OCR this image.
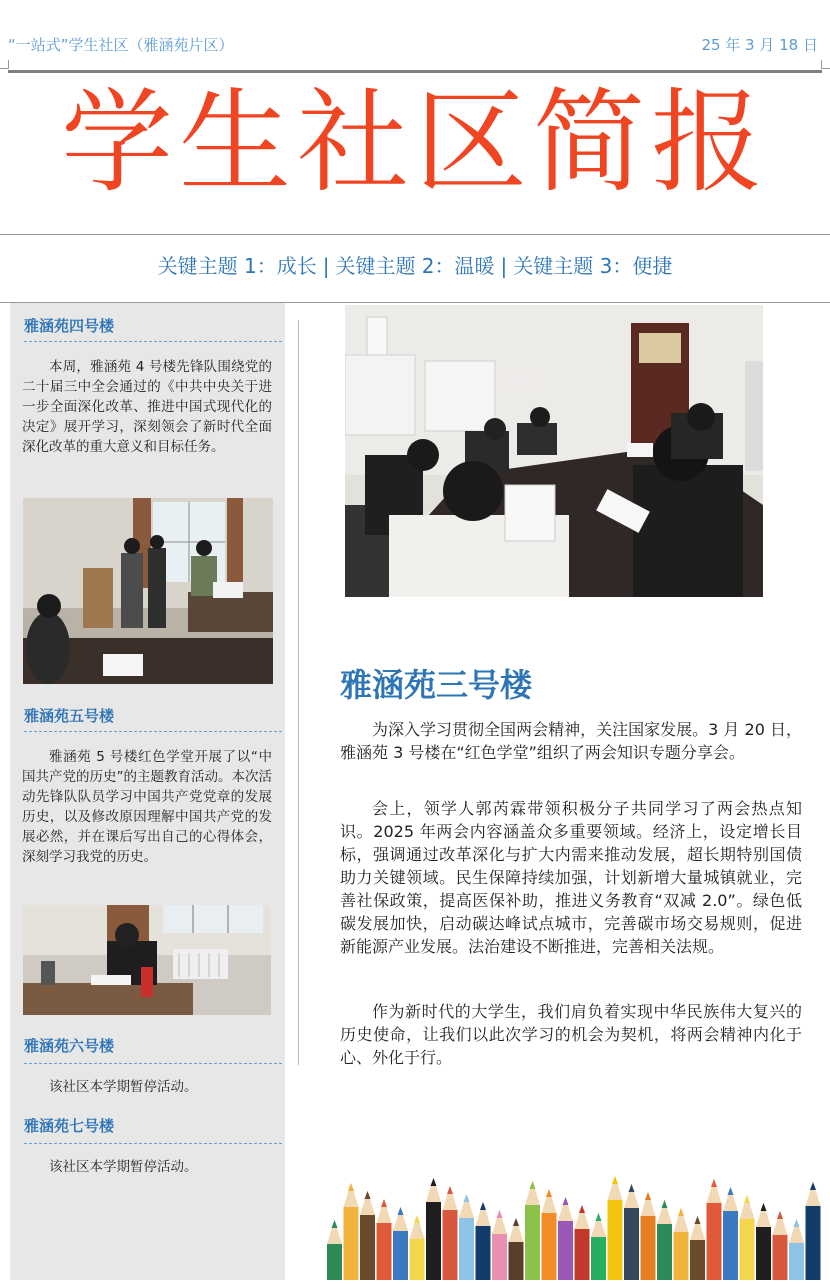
“一站式”学生社区（雅涵苑片区）	25 年 3 月 18 日
学生社区简报
关键主题 1：成长 | 关键主题 2：温暖 | 关键主题 3：便捷
雅涵苑四号楼
本周，雅涵苑 4 号楼先锋队围绕党的二十届三中全会通过的《中共中央关于进一步全面深化改革、推进中国式现代化的决定》展开学习，深刻领会了新时代全面深化改革的重大意义和目标任务。
雅涵苑五号楼
雅涵苑 5 号楼红色学堂开展了以“中国共产党的历史”的主题教育活动。本次活动先锋队队员学习中国共产党党章的发展历史，以及修改原因理解中国共产党的发展必然，并在课后写出自己的心得体会，深刻学习我党的历史。
雅涵苑六号楼
该社区本学期暂停活动。
雅涵苑七号楼
该社区本学期暂停活动。
雅涵苑三号楼
为深入学习贯彻全国两会精神，关注国家发展。3 月 20 日，雅涵苑 3 号楼在“红色学堂”组织了两会知识专题分享会。
会上，领学人郭芮霖带领积极分子共同学习了两会热点知识。2025 年两会内容涵盖众多重要领域。经济上，设定增长目标，强调通过改革深化与扩大内需来推动发展，超长期特别国债助力关键领域。民生保障持续加强，计划新增大量城镇就业，完善社保政策，提高医保补助，推进义务教育“双减 2.0”。绿色低碳发展加快，启动碳达峰试点城市，完善碳市场交易规则，促进新能源产业发展。法治建设不断推进，完善相关法规。
作为新时代的大学生，我们肩负着实现中华民族伟大复兴的历史使命，让我们以此次学习的机会为契机，将两会精神内化于心、外化于行。
